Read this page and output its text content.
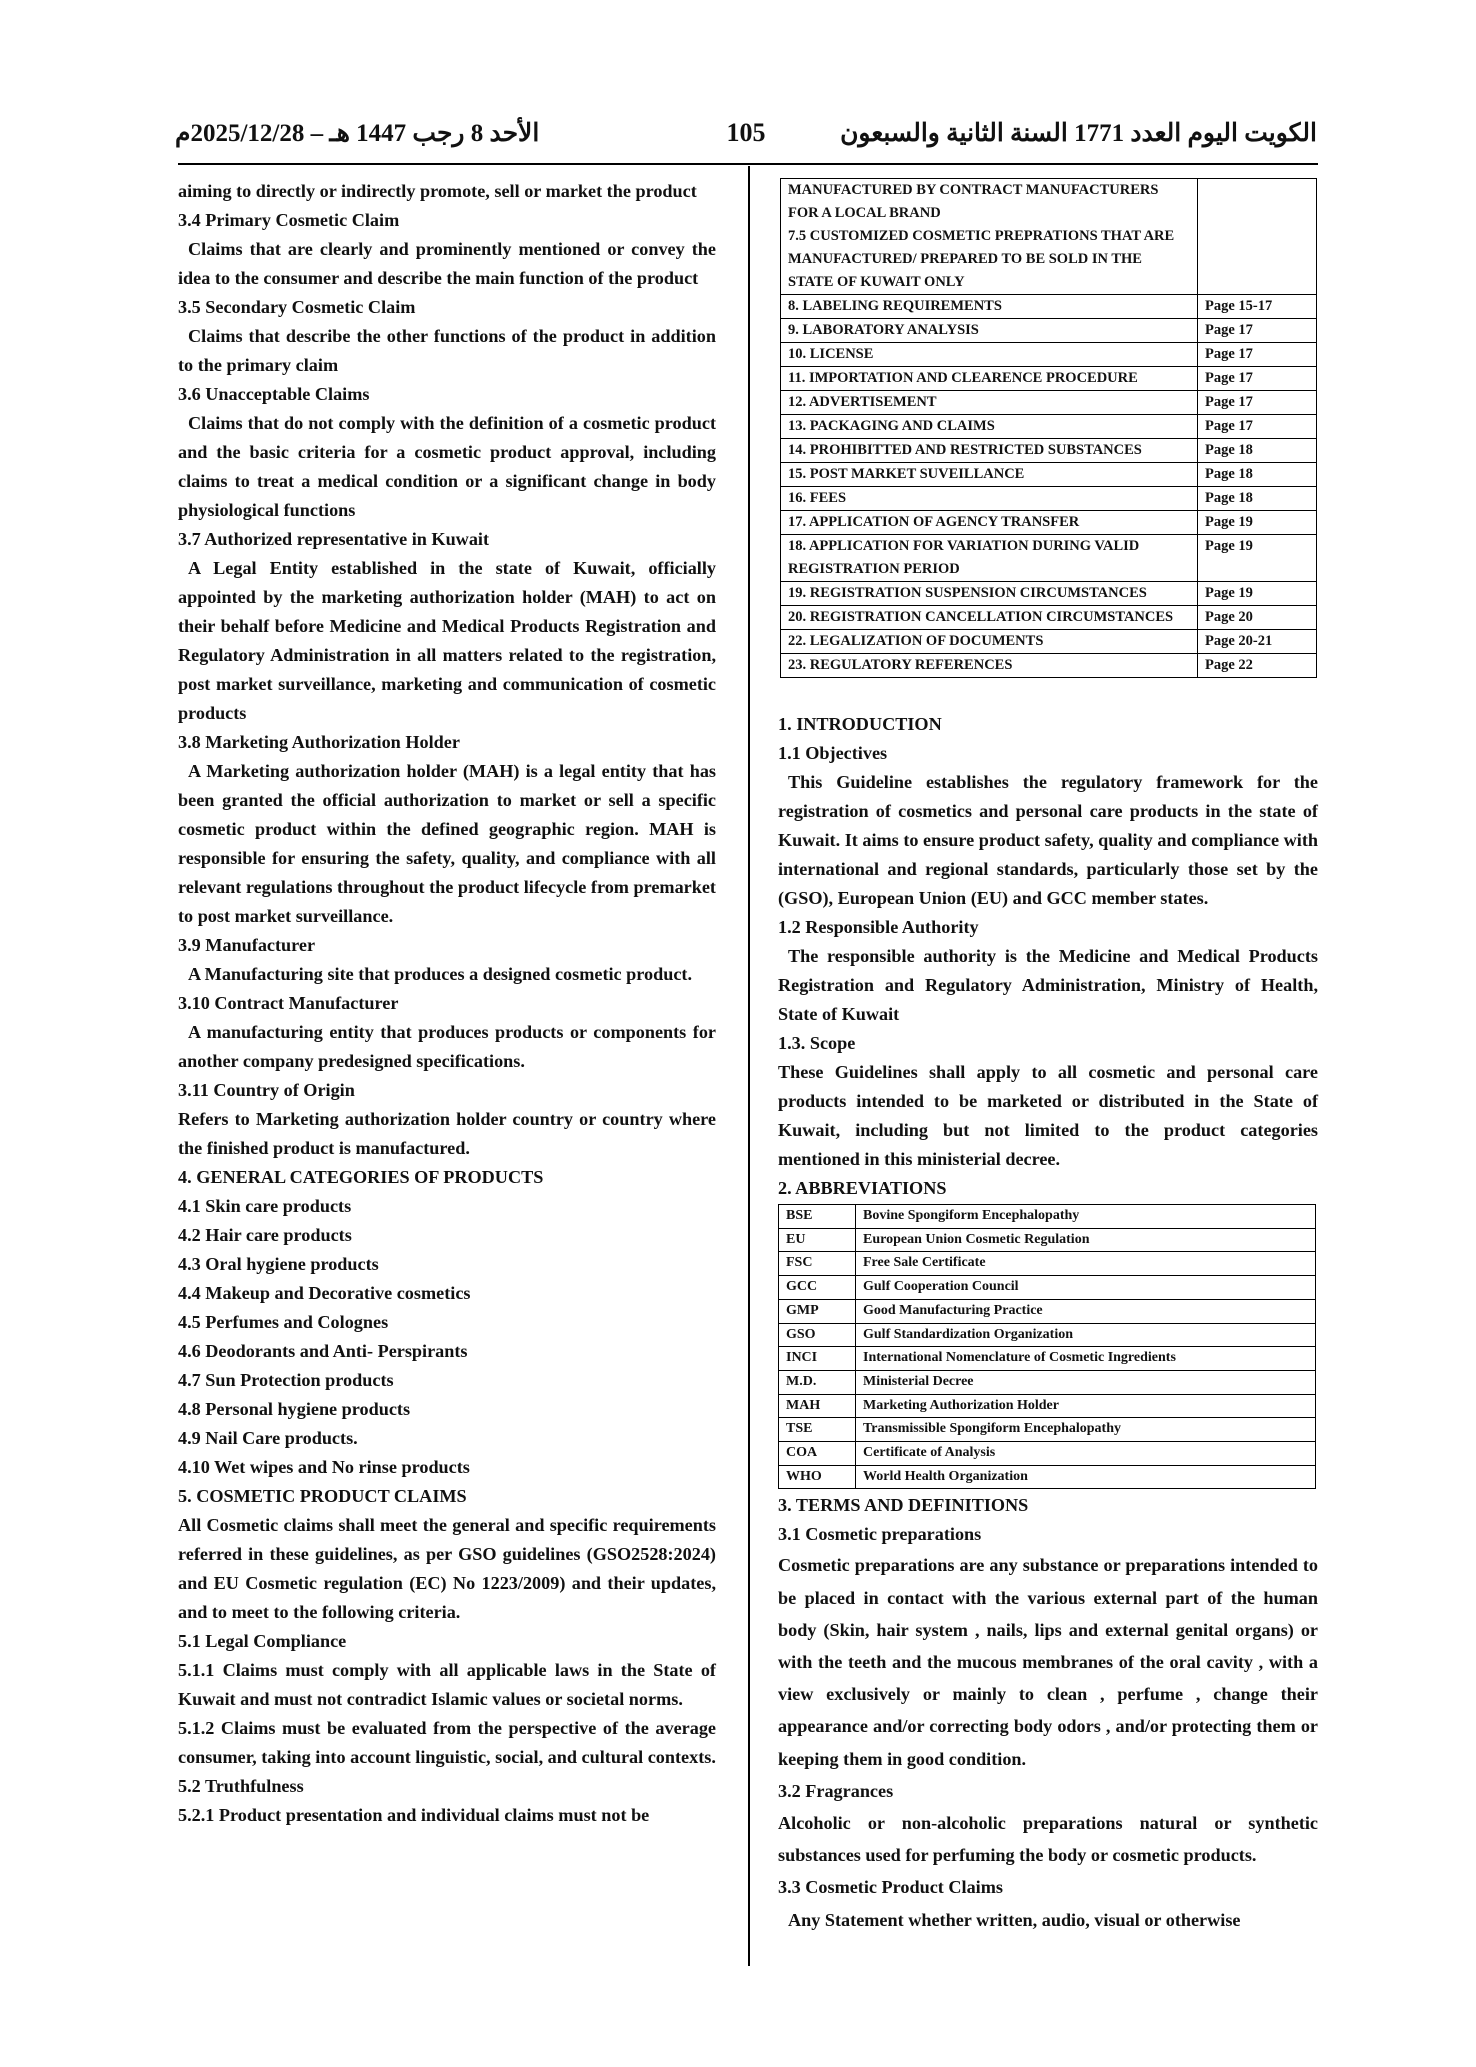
الأحد 8 رجب 1447 هـ – 2025/12/28م	105	الكويت اليوم العدد 1771 السنة الثانية والسبعون
aiming to directly or indirectly promote, sell or market the product
3.4 Primary Cosmetic Claim
Claims that are clearly and prominently mentioned or convey the idea to the consumer and describe the main function of the product
3.5 Secondary Cosmetic Claim
Claims that describe the other functions of the product in addition to the primary claim
3.6 Unacceptable Claims
Claims that do not comply with the definition of a cosmetic product and the basic criteria for a cosmetic product approval, including claims to treat a medical condition or a significant change in body physiological functions
3.7 Authorized representative in Kuwait
A Legal Entity established in the state of Kuwait, officially appointed by the marketing authorization holder (MAH) to act on their behalf before Medicine and Medical Products Registration and Regulatory Administration in all matters related to the registration, post market surveillance, marketing and communication of cosmetic products
3.8 Marketing Authorization Holder
A Marketing authorization holder (MAH) is a legal entity that has been granted the official authorization to market or sell a specific cosmetic product within the defined geographic region. MAH is responsible for ensuring the safety, quality, and compliance with all relevant regulations throughout the product lifecycle from premarket to post market surveillance.
3.9 Manufacturer
A Manufacturing site that produces a designed cosmetic product.
3.10 Contract Manufacturer
A manufacturing entity that produces products or components for another company predesigned specifications.
3.11 Country of Origin
Refers to Marketing authorization holder country or country where the finished product is manufactured.
4. GENERAL CATEGORIES OF PRODUCTS
4.1 Skin care products
4.2 Hair care products
4.3 Oral hygiene products
4.4 Makeup and Decorative cosmetics
4.5 Perfumes and Colognes
4.6 Deodorants and Anti- Perspirants
4.7 Sun Protection products
4.8 Personal hygiene products
4.9 Nail Care products.
4.10 Wet wipes and No rinse products
5. COSMETIC PRODUCT CLAIMS
All Cosmetic claims shall meet the general and specific requirements referred in these guidelines, as per GSO guidelines (GSO2528:2024) and EU Cosmetic regulation (EC) No 1223/2009) and their updates, and to meet to the following criteria.
5.1 Legal Compliance
5.1.1 Claims must comply with all applicable laws in the State of Kuwait and must not contradict Islamic values or societal norms.
5.1.2 Claims must be evaluated from the perspective of the average consumer, taking into account linguistic, social, and cultural contexts.
5.2 Truthfulness
5.2.1 Product presentation and individual claims must not be
MANUFACTURED BY CONTRACT MANUFACTURERS FOR A LOCAL BRAND
7.5 CUSTOMIZED COSMETIC PREPRATIONS THAT ARE MANUFACTURED/ PREPARED TO BE SOLD IN THE STATE OF KUWAIT ONLY	
8. LABELING REQUIREMENTS	Page 15-17
9. LABORATORY ANALYSIS	Page 17
10. LICENSE	Page 17
11. IMPORTATION AND CLEARENCE PROCEDURE	Page 17
12. ADVERTISEMENT	Page 17
13. PACKAGING AND CLAIMS	Page 17
14. PROHIBITTED AND RESTRICTED SUBSTANCES	Page 18
15. POST MARKET SUVEILLANCE	Page 18
16. FEES	Page 18
17. APPLICATION OF AGENCY TRANSFER	Page 19
18. APPLICATION FOR VARIATION DURING VALID REGISTRATION PERIOD	Page 19
19. REGISTRATION SUSPENSION CIRCUMSTANCES	Page 19
20. REGISTRATION CANCELLATION CIRCUMSTANCES	Page 20
22. LEGALIZATION OF DOCUMENTS	Page 20-21
23. REGULATORY REFERENCES	Page 22
1. INTRODUCTION
1.1 Objectives
This Guideline establishes the regulatory framework for the registration of cosmetics and personal care products in the state of Kuwait. It aims to ensure product safety, quality and compliance with international and regional standards, particularly those set by the (GSO), European Union (EU) and GCC member states.
1.2 Responsible Authority
The responsible authority is the Medicine and Medical Products Registration and Regulatory Administration, Ministry of Health, State of Kuwait
1.3. Scope
These Guidelines shall apply to all cosmetic and personal care products intended to be marketed or distributed in the State of Kuwait, including but not limited to the product categories mentioned in this ministerial decree.
2. ABBREVIATIONS
BSE	Bovine Spongiform Encephalopathy
EU	European Union Cosmetic Regulation
FSC	Free Sale Certificate
GCC	Gulf Cooperation Council
GMP	Good Manufacturing Practice
GSO	Gulf Standardization Organization
INCI	International Nomenclature of Cosmetic Ingredients
M.D.	Ministerial Decree
MAH	Marketing Authorization Holder
TSE	Transmissible Spongiform Encephalopathy
COA	Certificate of Analysis
WHO	World Health Organization
3. TERMS AND DEFINITIONS
3.1 Cosmetic preparations
Cosmetic preparations are any substance or preparations intended to be placed in contact with the various external part of the human body (Skin, hair system , nails, lips and external genital organs) or with the teeth and the mucous membranes of the oral cavity , with a view exclusively or mainly to clean , perfume , change their appearance and/or correcting body odors , and/or protecting them or keeping them in good condition.
3.2 Fragrances
Alcoholic or non-alcoholic preparations natural or synthetic substances used for perfuming the body or cosmetic products.
3.3 Cosmetic Product Claims
Any Statement whether written, audio, visual or otherwise
